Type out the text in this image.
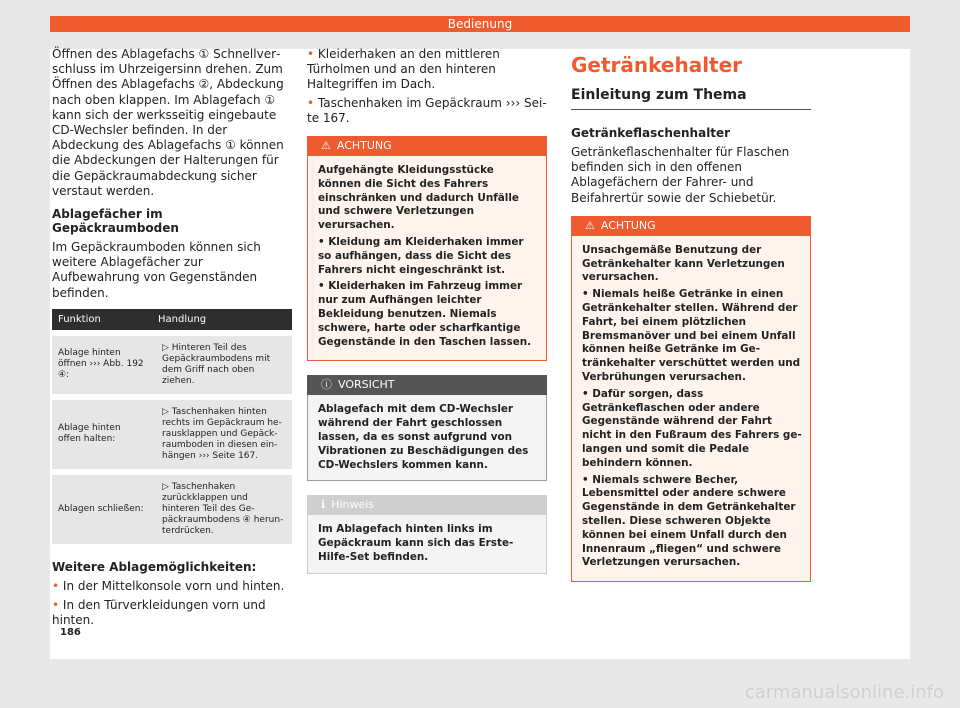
Bedienung

Öffnen des Ablagefachs ① Schnellverschluss im Uhrzeigersinn drehen. Zum Öffnen des Ablagefachs ②, Abdeckung nach oben klappen. Im Ablagefach ① kann sich der werksseitig eingebaute CD-Wechsler befinden. In der Abdeckung des Ablagefachs ① können die Abdeckungen der Halterungen für die Gepäckraumabdeckung sicher verstaut werden.

Ablagefächer im Gepäckraumboden

Im Gepäckraumboden können sich weitere Ablagefächer zur Aufbewahrung von Gegenständen befinden.

Funktion	Handlung
Ablage hinten öffnen ››› Abb. 192 ④:	▷ Hinteren Teil des Gepäckraumbodens mit dem Griff nach oben ziehen.
Ablage hinten offen halten:	▷ Taschenhaken hinten rechts im Gepäckraum herausklappen und Gepäckraumboden in diesen einhängen ››› Seite 167.
Ablagen schließen:	▷ Taschenhaken zurückklappen und hinteren Teil des Gepäckraumbodens ④ herunterdrücken.
Weitere Ablagemöglichkeiten:
• In der Mittelkonsole vorn und hinten.
• In den Türverkleidungen vorn und hinten.
• Kleiderhaken an den mittleren Türholmen und an den hinteren Haltegriffen im Dach.
• Taschenhaken im Gepäckraum ››› Seite 167.
⚠ ACHTUNG
Aufgehängte Kleidungsstücke können die Sicht des Fahrers einschränken und dadurch Unfälle und schwere Verletzungen verursachen.
• Kleidung am Kleiderhaken immer so aufhängen, dass die Sicht des Fahrers nicht eingeschränkt ist.
• Kleiderhaken im Fahrzeug immer nur zum Aufhängen leichter Bekleidung benutzen. Niemals schwere, harte oder scharfkantige Gegenstände in den Taschen lassen.
ⓘ VORSICHT
Ablagefach mit dem CD-Wechsler während der Fahrt geschlossen lassen, da es sonst aufgrund von Vibrationen zu Beschädigungen des CD-Wechslers kommen kann.
ℹ Hinweis
Im Ablagefach hinten links im Gepäckraum kann sich das Erste-Hilfe-Set befinden.
Getränkehalter
Einleitung zum Thema
Getränkeflaschenhalter

Getränkeflaschenhalter für Flaschen befinden sich in den offenen Ablagefächern der Fahrer- und Beifahrertür sowie der Schiebetür.

⚠ ACHTUNG
Unsachgemäße Benutzung der Getränkehalter kann Verletzungen verursachen.
• Niemals heiße Getränke in einen Getränkehalter stellen. Während der Fahrt, bei einem plötzlichen Bremsmanöver und bei einem Unfall können heiße Getränke im Getränkehalter verschüttet werden und Verbrühungen verursachen.
• Dafür sorgen, dass Getränkeflaschen oder andere Gegenstände während der Fahrt nicht in den Fußraum des Fahrers gelangen und somit die Pedale behindern können.
• Niemals schwere Becher, Lebensmittel oder andere schwere Gegenstände in dem Getränkehalter stellen. Diese schweren Objekte können bei einem Unfall durch den Innenraum „fliegen“ und schwere Verletzungen verursachen.
186
carmanualsonline.info
